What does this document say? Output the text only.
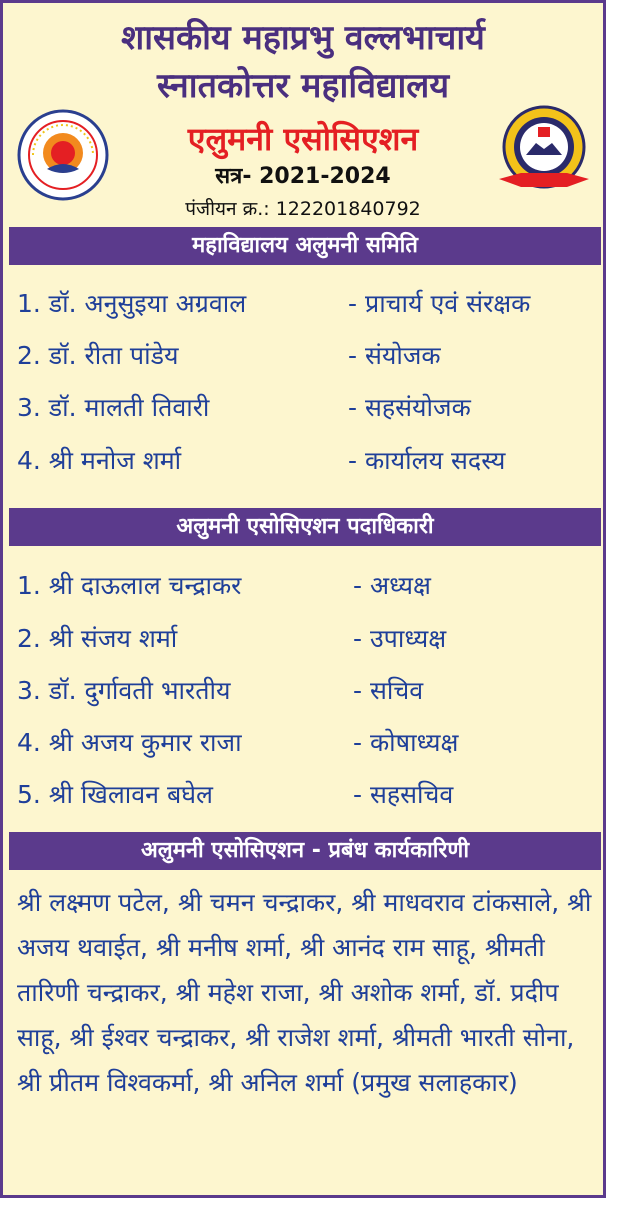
शासकीय महाप्रभु वल्लभाचार्य
स्नातकोत्तर महाविद्यालय
एलुमनी एसोसिएशन
सत्र- 2021-2024
पंजीयन क्र.: 122201840792
महाविद्यालय अलुमनी समिति
1. डॉ. अनुसुइया अग्रवाल	- प्राचार्य एवं संरक्षक
2. डॉ. रीता पांडेय	- संयोजक
3. डॉ. मालती तिवारी	- सहसंयोजक
4. श्री मनोज शर्मा	- कार्यालय सदस्य
अलुमनी एसोसिएशन पदाधिकारी
1. श्री दाऊलाल चन्द्राकर	- अध्यक्ष
2. श्री संजय शर्मा	- उपाध्यक्ष
3. डॉ. दुर्गावती भारतीय	- सचिव
4. श्री अजय कुमार राजा	- कोषाध्यक्ष
5. श्री खिलावन बघेल	- सहसचिव
अलुमनी एसोसिएशन - प्रबंध कार्यकारिणी
श्री लक्ष्मण पटेल, श्री चमन चन्द्राकर, श्री माधवराव टांकसाले, श्री अजय थवाईत, श्री मनीष शर्मा, श्री आनंद राम साहू, श्रीमती तारिणी चन्द्राकर, श्री महेश राजा, श्री अशोक शर्मा, डॉ. प्रदीप साहू, श्री ईश्वर चन्द्राकर, श्री राजेश शर्मा, श्रीमती भारती सोना, श्री प्रीतम विश्वकर्मा, श्री अनिल शर्मा (प्रमुख सलाहकार)
